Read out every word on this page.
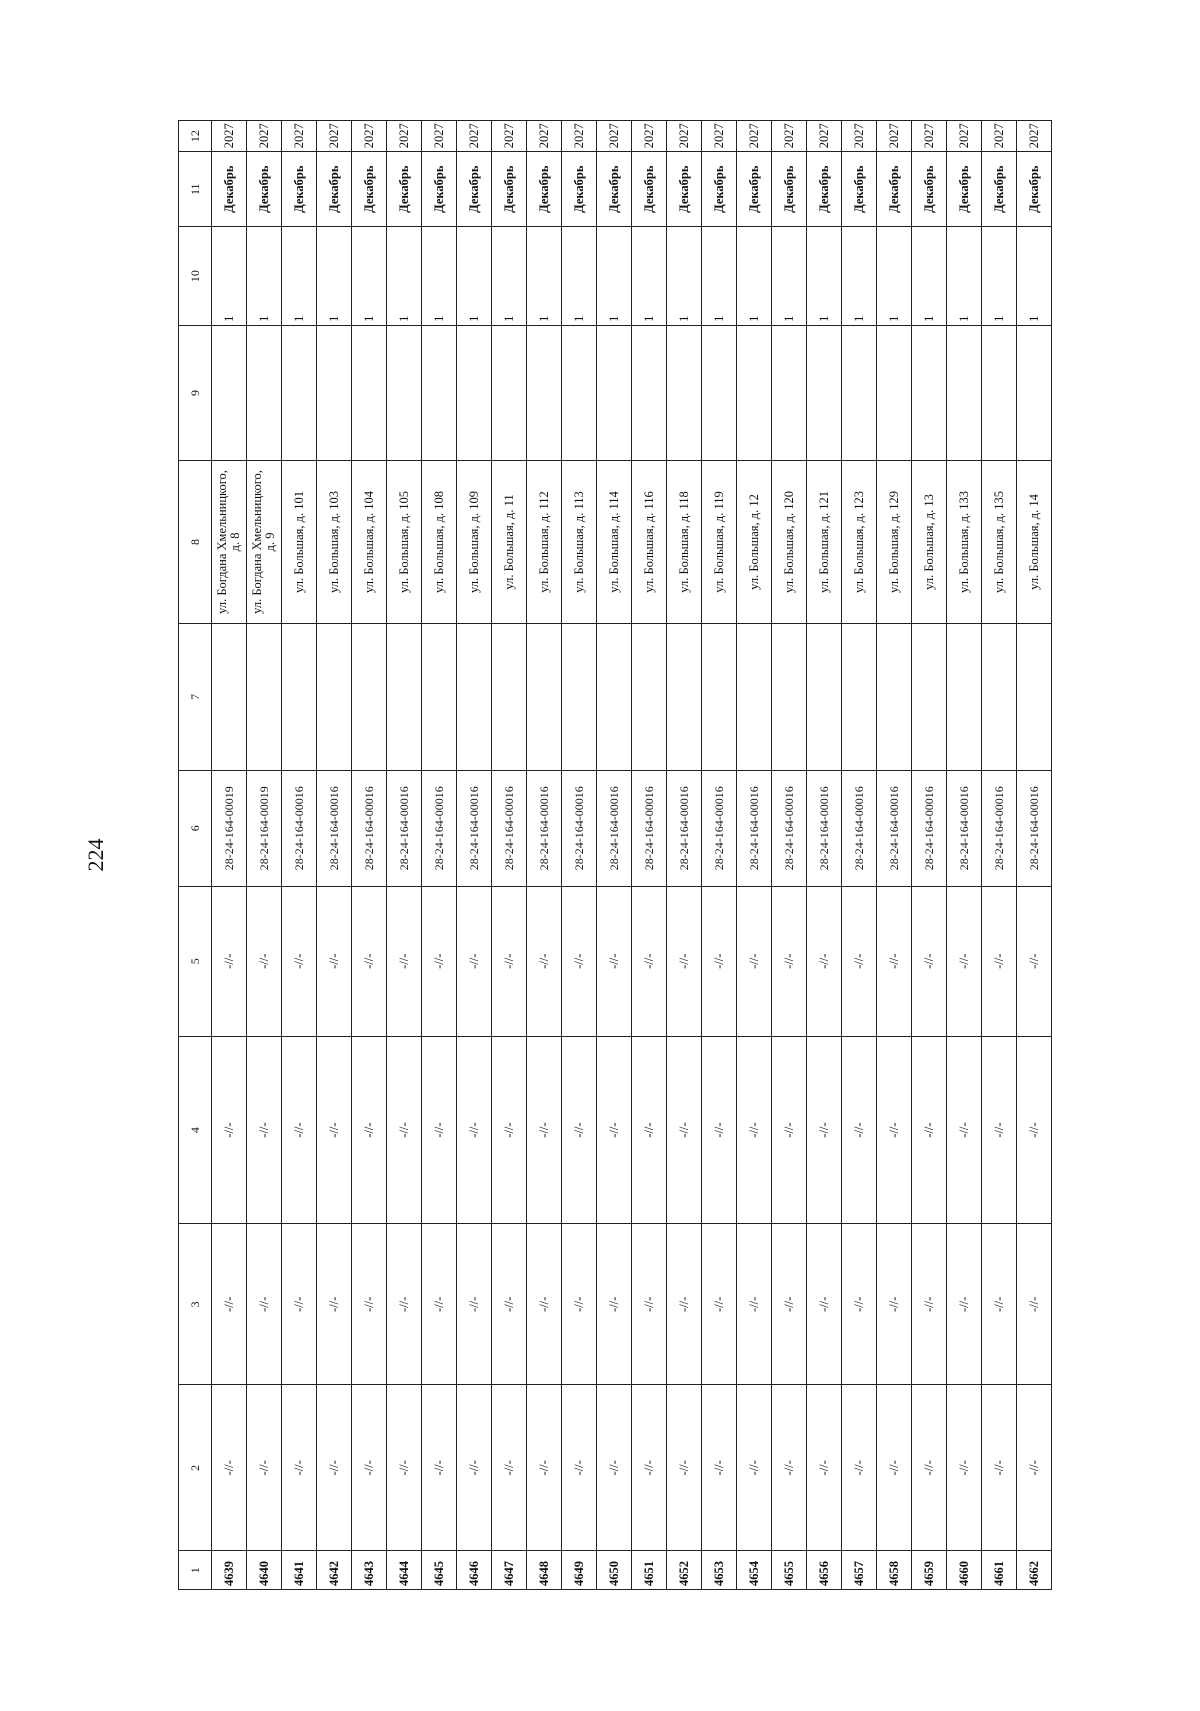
224
1	2	3	4	5	6	7	8	9	10	11	12
4639	-//-	-//-	-//-	-//-	28-24-164-00019		ул. Богдана Хмельницкого, д. 8		1	Декабрь	2027
4640	-//-	-//-	-//-	-//-	28-24-164-00019		ул. Богдана Хмельницкого, д. 9		1	Декабрь	2027
4641	-//-	-//-	-//-	-//-	28-24-164-00016		ул. Большая, д. 101		1	Декабрь	2027
4642	-//-	-//-	-//-	-//-	28-24-164-00016		ул. Большая, д. 103		1	Декабрь	2027
4643	-//-	-//-	-//-	-//-	28-24-164-00016		ул. Большая, д. 104		1	Декабрь	2027
4644	-//-	-//-	-//-	-//-	28-24-164-00016		ул. Большая, д. 105		1	Декабрь	2027
4645	-//-	-//-	-//-	-//-	28-24-164-00016		ул. Большая, д. 108		1	Декабрь	2027
4646	-//-	-//-	-//-	-//-	28-24-164-00016		ул. Большая, д. 109		1	Декабрь	2027
4647	-//-	-//-	-//-	-//-	28-24-164-00016		ул. Большая, д. 11		1	Декабрь	2027
4648	-//-	-//-	-//-	-//-	28-24-164-00016		ул. Большая, д. 112		1	Декабрь	2027
4649	-//-	-//-	-//-	-//-	28-24-164-00016		ул. Большая, д. 113		1	Декабрь	2027
4650	-//-	-//-	-//-	-//-	28-24-164-00016		ул. Большая, д. 114		1	Декабрь	2027
4651	-//-	-//-	-//-	-//-	28-24-164-00016		ул. Большая, д. 116		1	Декабрь	2027
4652	-//-	-//-	-//-	-//-	28-24-164-00016		ул. Большая, д. 118		1	Декабрь	2027
4653	-//-	-//-	-//-	-//-	28-24-164-00016		ул. Большая, д. 119		1	Декабрь	2027
4654	-//-	-//-	-//-	-//-	28-24-164-00016		ул. Большая, д. 12		1	Декабрь	2027
4655	-//-	-//-	-//-	-//-	28-24-164-00016		ул. Большая, д. 120		1	Декабрь	2027
4656	-//-	-//-	-//-	-//-	28-24-164-00016		ул. Большая, д. 121		1	Декабрь	2027
4657	-//-	-//-	-//-	-//-	28-24-164-00016		ул. Большая, д. 123		1	Декабрь	2027
4658	-//-	-//-	-//-	-//-	28-24-164-00016		ул. Большая, д. 129		1	Декабрь	2027
4659	-//-	-//-	-//-	-//-	28-24-164-00016		ул. Большая, д. 13		1	Декабрь	2027
4660	-//-	-//-	-//-	-//-	28-24-164-00016		ул. Большая, д. 133		1	Декабрь	2027
4661	-//-	-//-	-//-	-//-	28-24-164-00016		ул. Большая, д. 135		1	Декабрь	2027
4662	-//-	-//-	-//-	-//-	28-24-164-00016		ул. Большая, д. 14		1	Декабрь	2027
